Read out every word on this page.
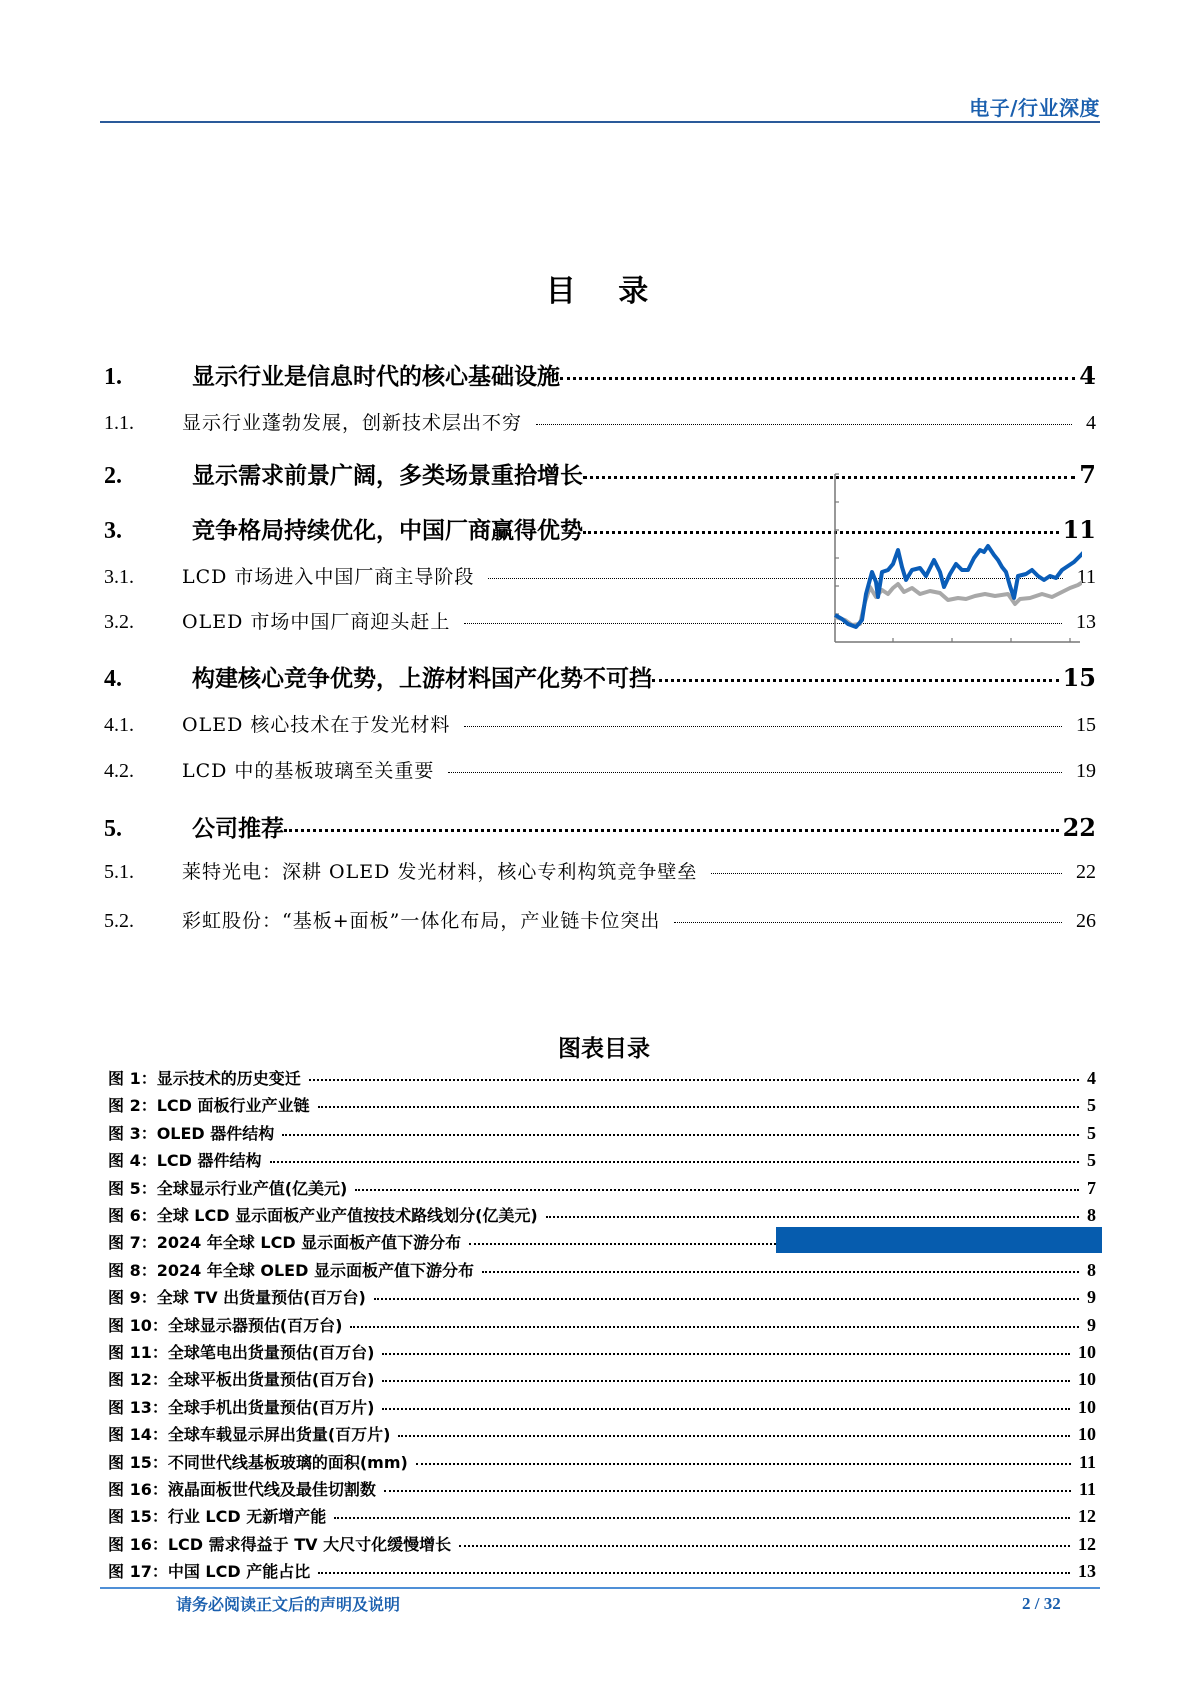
电子/行业深度
目 录
1.	显示行业是信息时代的核心基础设施	4
1.1.	显示行业蓬勃发展，创新技术层出不穷	4
2.	显示需求前景广阔，多类场景重拾增长	7
3.	竞争格局持续优化，中国厂商赢得优势	11
3.1.	LCD 市场进入中国厂商主导阶段	11
3.2.	OLED 市场中国厂商迎头赶上	13
4.	构建核心竞争优势，上游材料国产化势不可挡	15
4.1.	OLED 核心技术在于发光材料	15
4.2.	LCD 中的基板玻璃至关重要	19
5.	公司推荐	22
5.1.	莱特光电：深耕 OLED 发光材料，核心专利构筑竞争壁垒	22
5.2.	彩虹股份：“基板+面板”一体化布局，产业链卡位突出	26
图表目录
图 1：显示技术的历史变迁	4
图 2：LCD 面板行业产业链	5
图 3：OLED 器件结构	5
图 4：LCD 器件结构	5
图 5：全球显示行业产值(亿美元)	7
图 6：全球 LCD 显示面板产业产值按技术路线划分(亿美元)	8
图 7：2024 年全球 LCD 显示面板产值下游分布
图 8：2024 年全球 OLED 显示面板产值下游分布	8
图 9：全球 TV 出货量预估(百万台)	9
图 10：全球显示器预估(百万台)	9
图 11：全球笔电出货量预估(百万台)	10
图 12：全球平板出货量预估(百万台)	10
图 13：全球手机出货量预估(百万片)	10
图 14：全球车载显示屏出货量(百万片)	10
图 15：不同世代线基板玻璃的面积(mm)	11
图 16：液晶面板世代线及最佳切割数	11
图 15：行业 LCD 无新增产能	12
图 16：LCD 需求得益于 TV 大尺寸化缓慢增长	12
图 17：中国 LCD 产能占比	13
请务必阅读正文后的声明及说明	2 / 32
